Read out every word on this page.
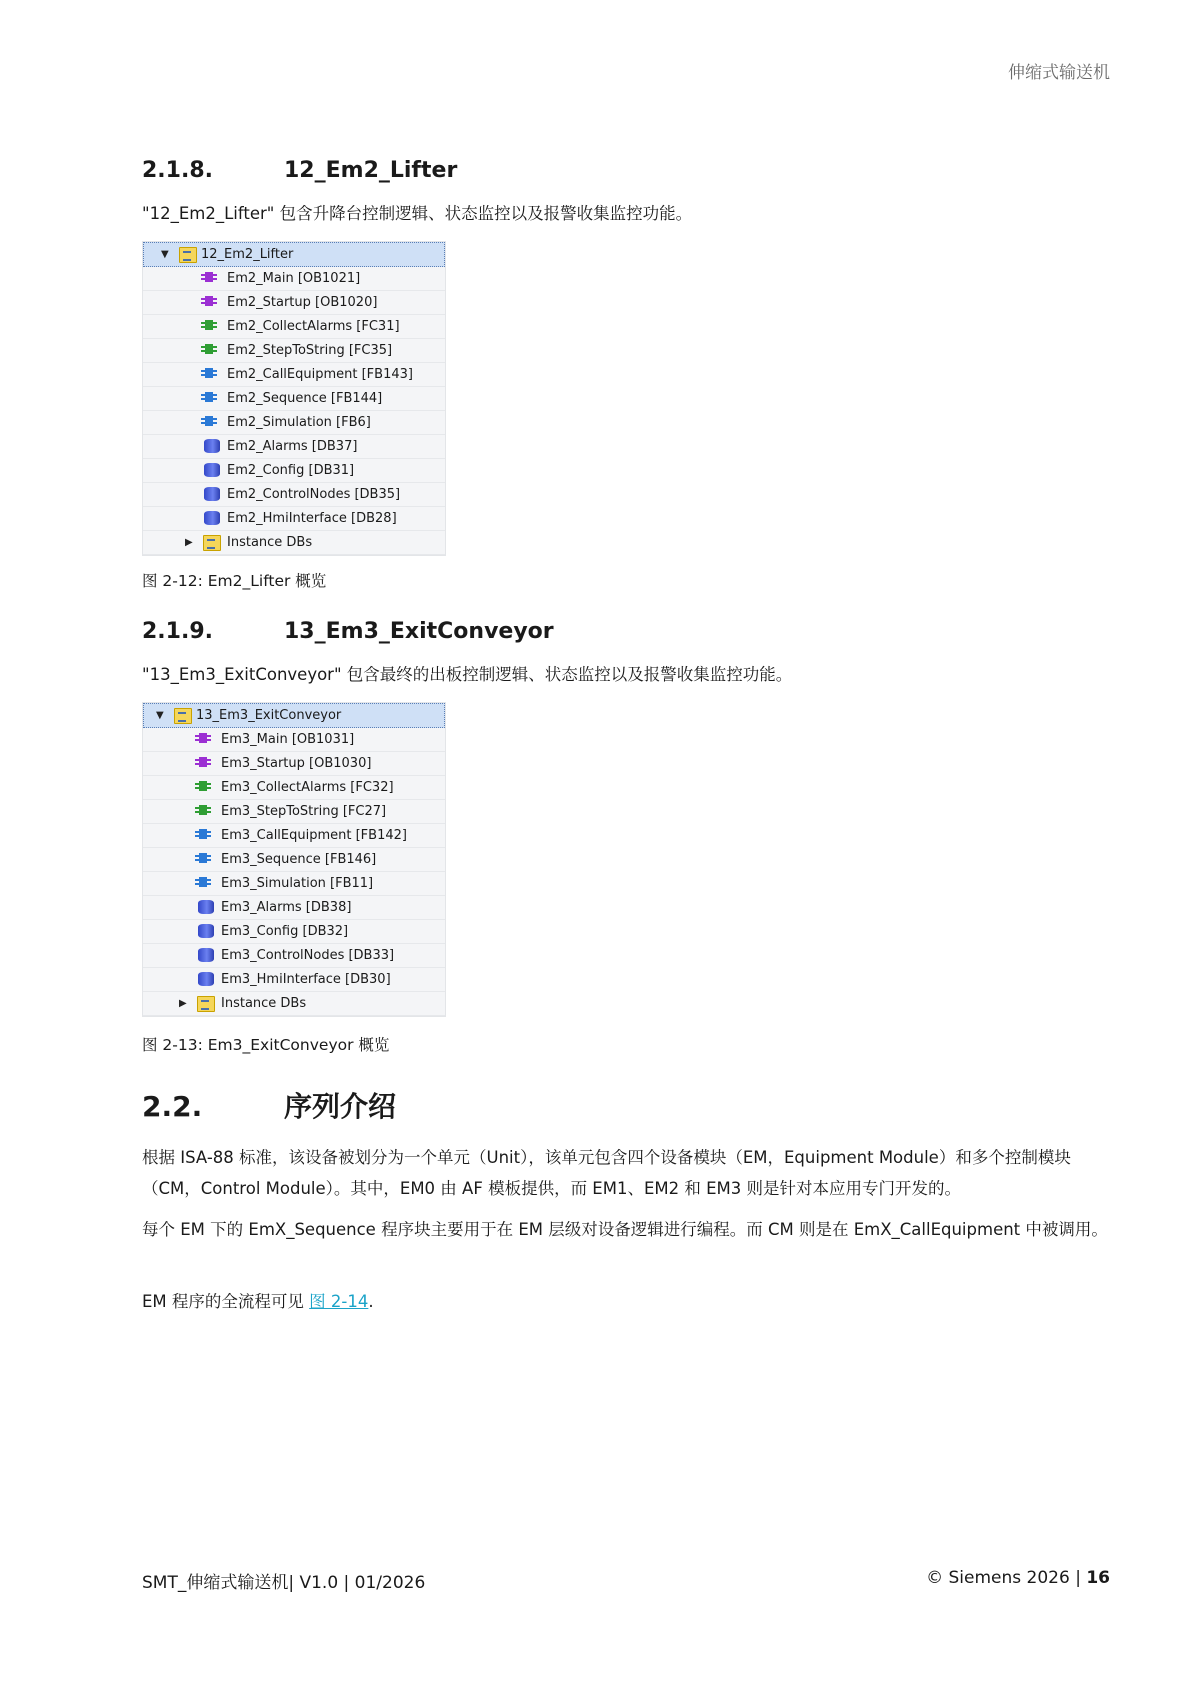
伸缩式输送机
2.1.8.	12_Em2_Lifter
"12_Em2_Lifter" 包含升降台控制逻辑、状态监控以及报警收集监控功能。
▼ 12_Em2_Lifter
Em2_Main [OB1021]
Em2_Startup [OB1020]
Em2_CollectAlarms [FC31]
Em2_StepToString [FC35]
Em2_CallEquipment [FB143]
Em2_Sequence [FB144]
Em2_Simulation [FB6]
Em2_Alarms [DB37]
Em2_Config [DB31]
Em2_ControlNodes [DB35]
Em2_HmiInterface [DB28]
▶	Instance DBs
图 2-12: Em2_Lifter 概览
2.1.9.	13_Em3_ExitConveyor
"13_Em3_ExitConveyor" 包含最终的出板控制逻辑、状态监控以及报警收集监控功能。
▼ 13_Em3_ExitConveyor
Em3_Main [OB1031]
Em3_Startup [OB1030]
Em3_CollectAlarms [FC32]
Em3_StepToString [FC27]
Em3_CallEquipment [FB142]
Em3_Sequence [FB146]
Em3_Simulation [FB11]
Em3_Alarms [DB38]
Em3_Config [DB32]
Em3_ControlNodes [DB33]
Em3_HmiInterface [DB30]
▶	Instance DBs
图 2-13: Em3_ExitConveyor 概览
2.2.	序列介绍
根据 ISA-88 标准，该设备被划分为一个单元（Unit），该单元包含四个设备模块（EM，Equipment Module）和多个控制模块（CM，Control Module）。其中，EM0 由 AF 模板提供，而 EM1、EM2 和 EM3 则是针对本应用专门开发的。
每个 EM 下的 EmX_Sequence 程序块主要用于在 EM 层级对设备逻辑进行编程。而 CM 则是在 EmX_CallEquipment 中被调用。
EM 程序的全流程可见 图 2-14.
SMT_伸缩式输送机| V1.0 | 01/2026	© Siemens 2026 | 16
